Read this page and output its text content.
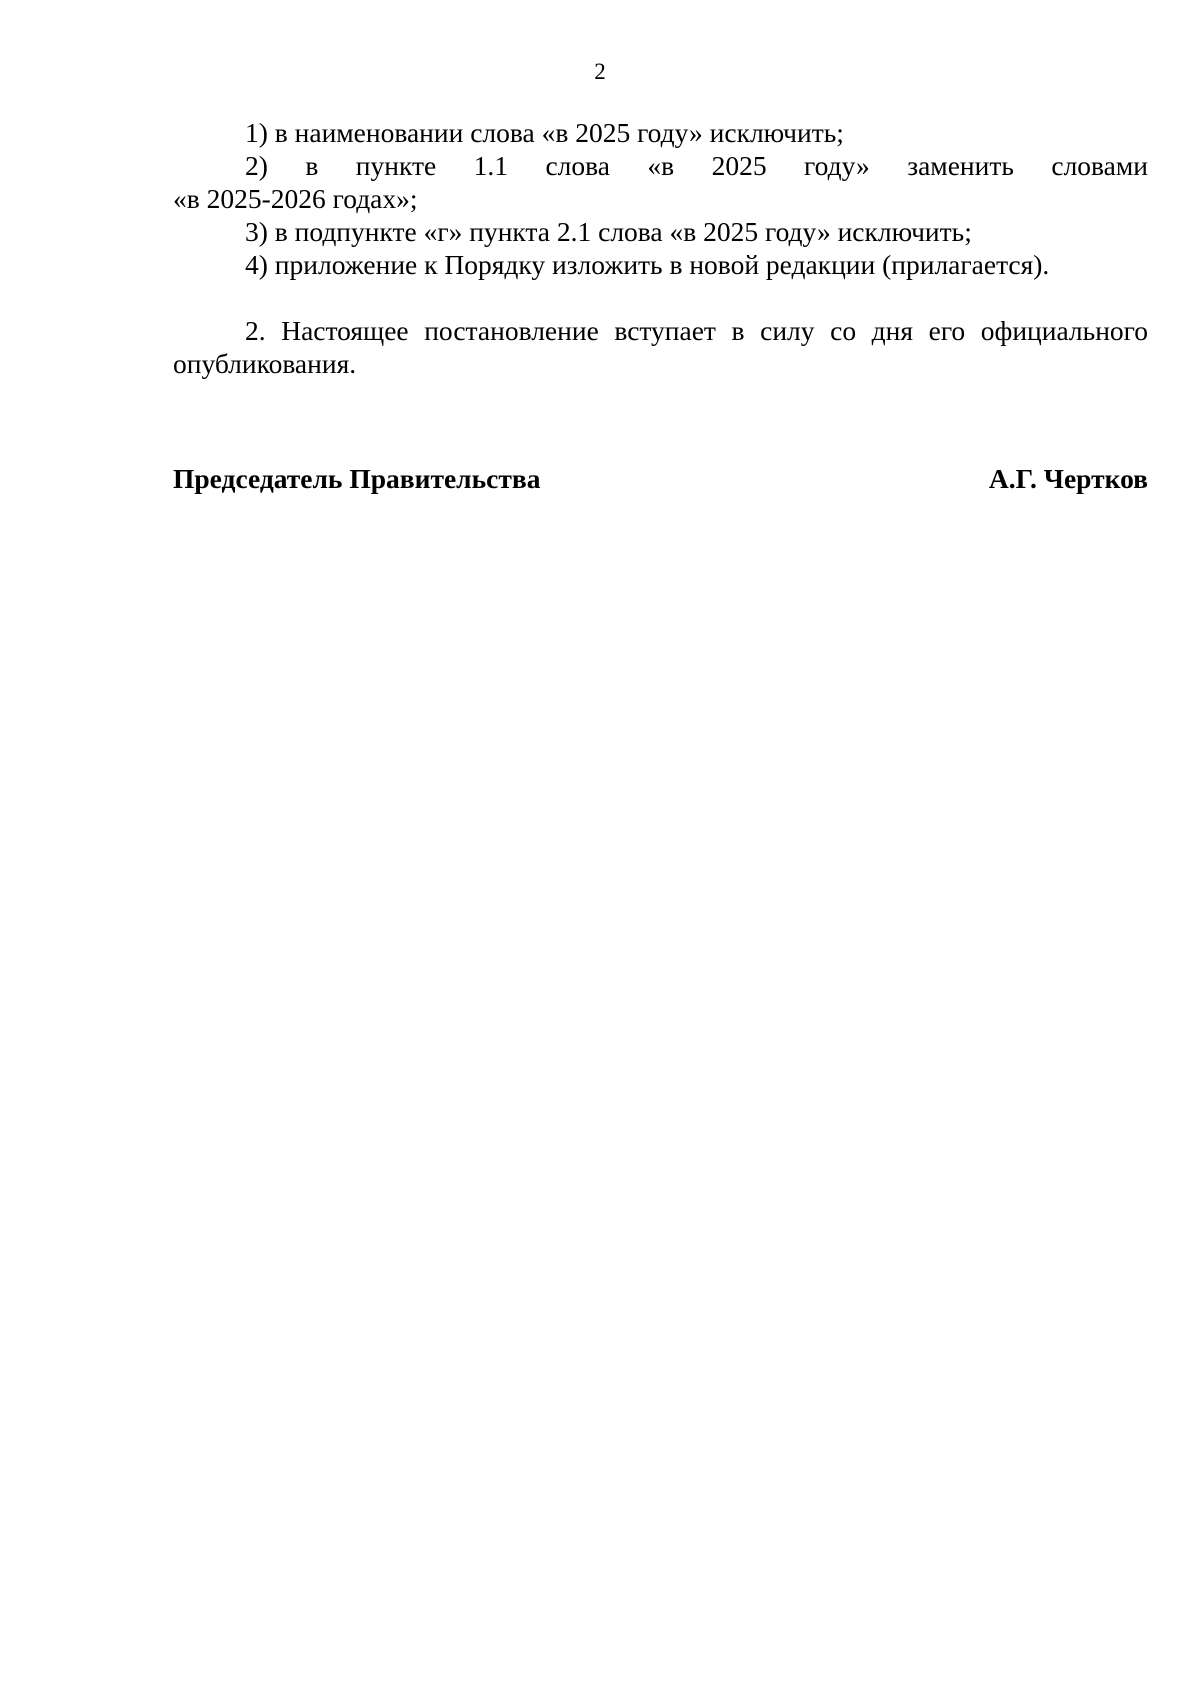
2

1) в наименовании слова «в 2025 году» исключить;

2) в пункте 1.1 слова «в 2025 году» заменить словами

«в 2025-2026 годах»;

3) в подпункте «г» пункта 2.1 слова «в 2025 году» исключить;

4) приложение к Порядку изложить в новой редакции (прилагается).

2. Настоящее постановление вступает в силу со дня его официального опубликования.

Председатель Правительства	А.Г. Чертков
